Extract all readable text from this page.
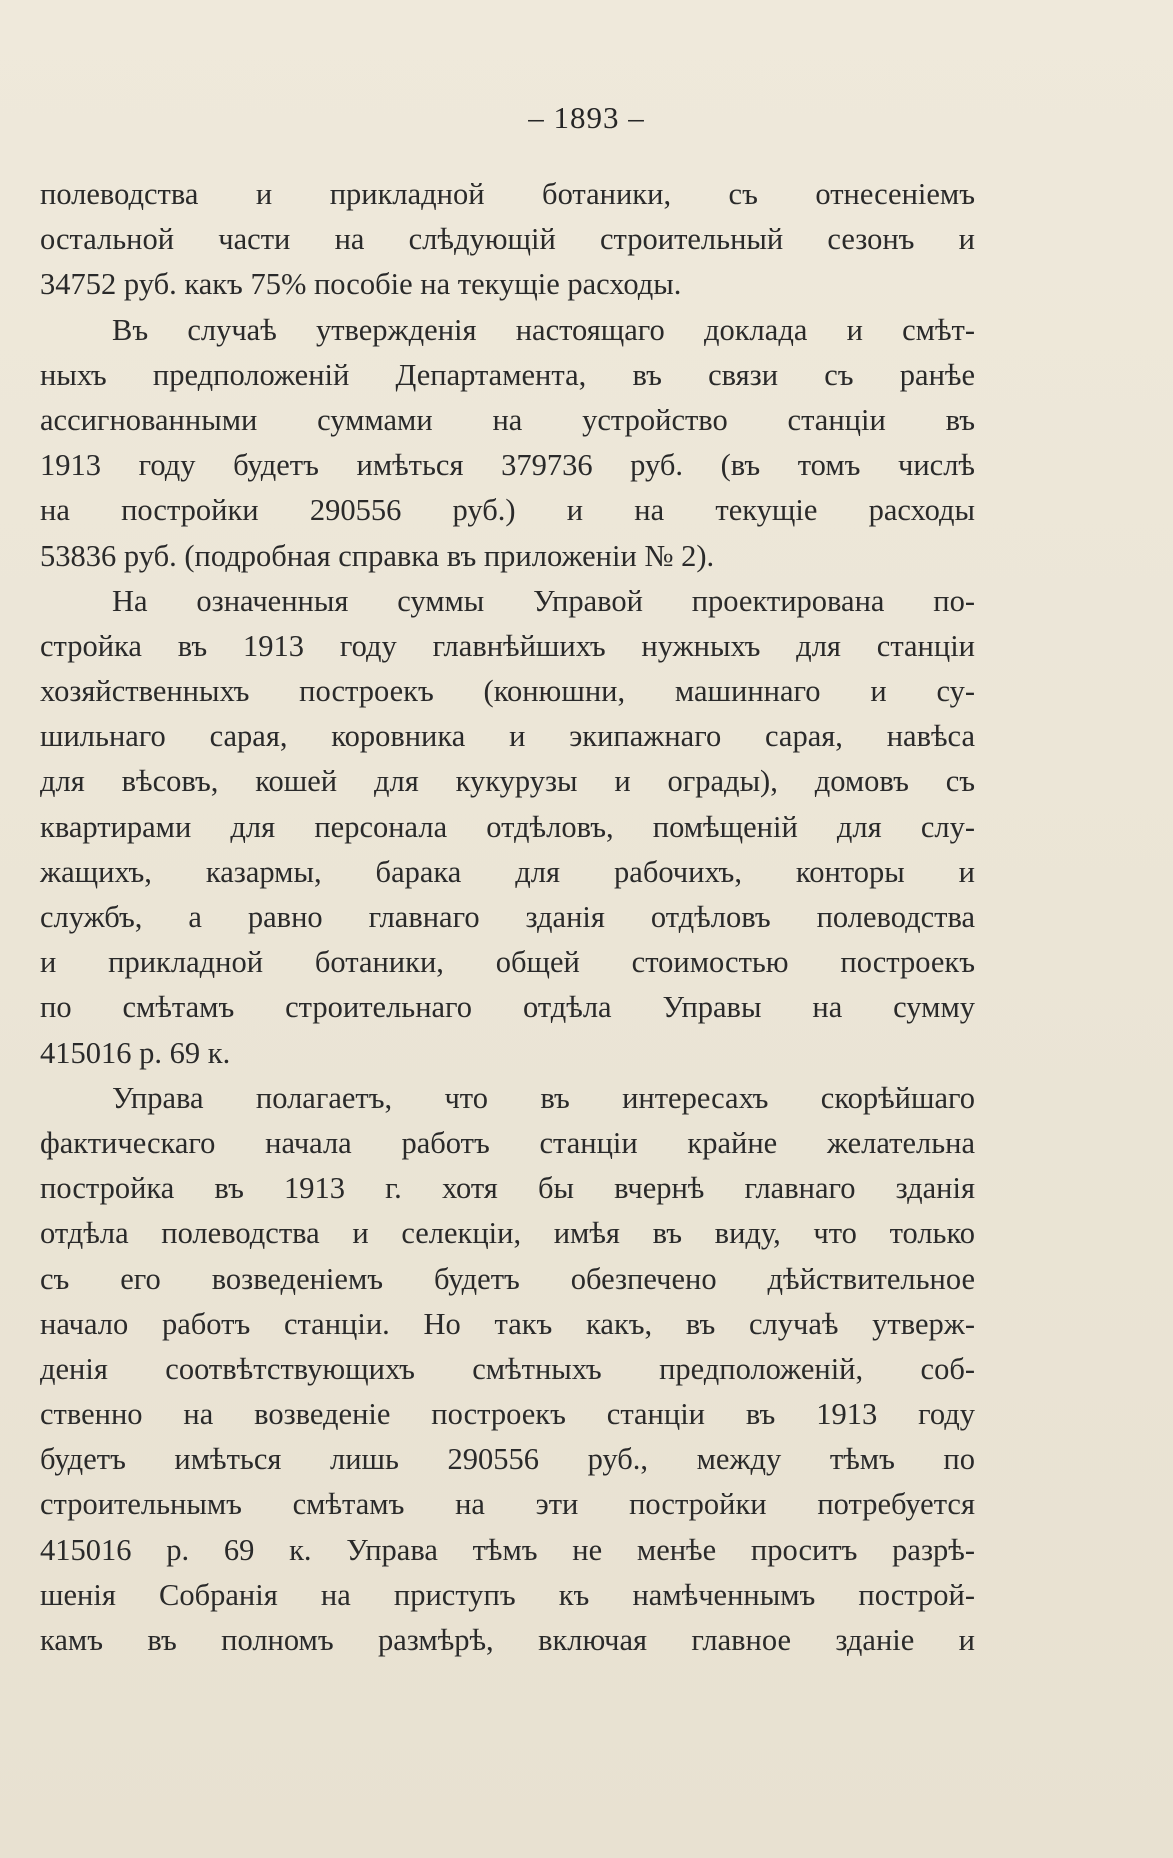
– 1893 –
полеводства и прикладной ботаники, съ отнесеніемъ
остальной части на слѣдующій строительный сезонъ и
34752 руб. какъ 75% пособіе на текущіе расходы.
Въ случаѣ утвержденія настоящаго доклада и смѣт-
ныхъ предположеній Департамента, въ связи съ ранѣе
ассигнованными суммами на устройство станціи въ
1913 году будетъ имѣться 379736 руб. (въ томъ числѣ
на постройки 290556 руб.) и на текущіе расходы
53836 руб. (подробная справка въ приложеніи № 2).
На означенныя суммы Управой проектирована по-
стройка въ 1913 году главнѣйшихъ нужныхъ для станціи
хозяйственныхъ построекъ (конюшни, машиннаго и су-
шильнаго сарая, коровника и экипажнаго сарая, навѣса
для вѣсовъ, кошей для кукурузы и ограды), домовъ съ
квартирами для персонала отдѣловъ, помѣщеній для слу-
жащихъ, казармы, барака для рабочихъ, конторы и
службъ, а равно главнаго зданія отдѣловъ полеводства
и прикладной ботаники, общей стоимостью построекъ
по смѣтамъ строительнаго отдѣла Управы на сумму
415016 р. 69 к.
Управа полагаетъ, что въ интересахъ скорѣйшаго
фактическаго начала работъ станціи крайне желательна
постройка въ 1913 г. хотя бы вчернѣ главнаго зданія
отдѣла полеводства и селекціи, имѣя въ виду, что только
съ его возведеніемъ будетъ обезпечено дѣйствительное
начало работъ станціи. Но такъ какъ, въ случаѣ утверж-
денія соотвѣтствующихъ смѣтныхъ предположеній, соб-
ственно на возведеніе построекъ станціи въ 1913 году
будетъ имѣться лишь 290556 руб., между тѣмъ по
строительнымъ смѣтамъ на эти постройки потребуется
415016 р. 69 к. Управа тѣмъ не менѣе проситъ разрѣ-
шенія Собранія на приступъ къ намѣченнымъ построй-
камъ въ полномъ размѣрѣ, включая главное зданіе и
